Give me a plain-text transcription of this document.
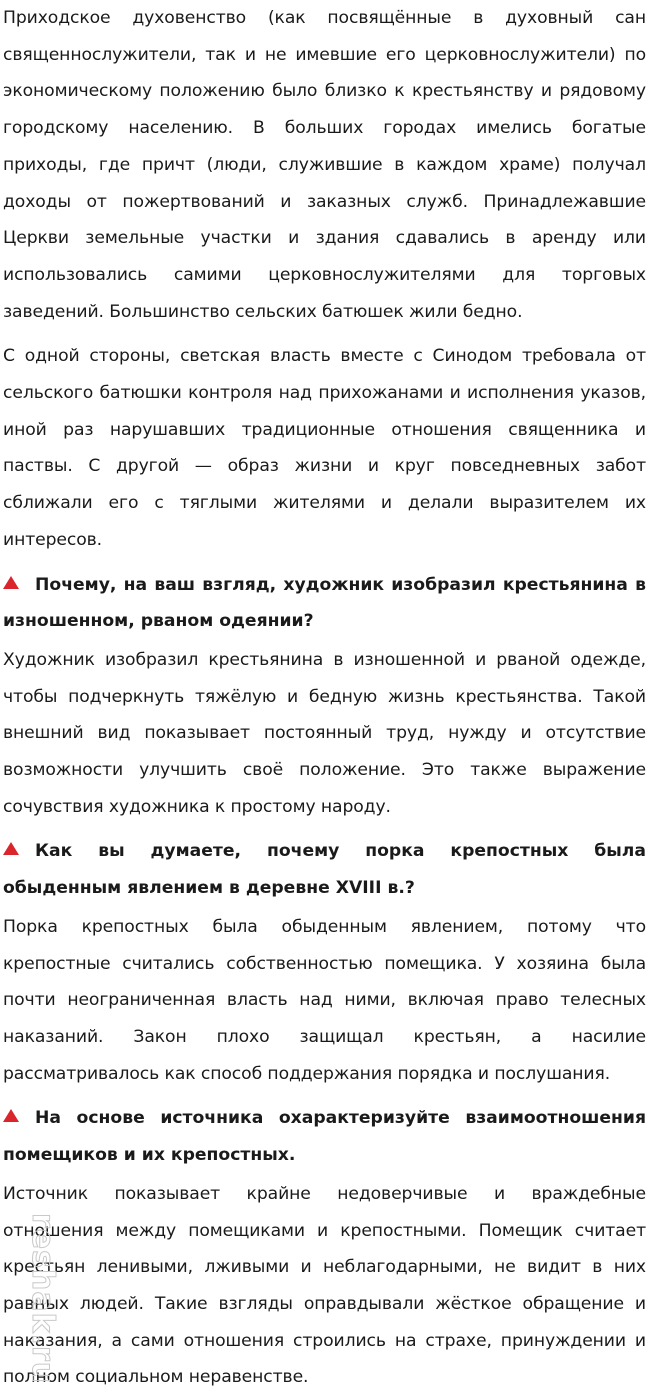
Приходское духовенство (как посвящённые в духовный сан священнослужители, так и не имевшие его церковнослужители) по экономическому положению было близко к крестьянству и рядовому городскому населению. В больших городах имелись богатые приходы, где причт (люди, служившие в каждом храме) получал доходы от пожертвований и заказных служб. Принадлежавшие Церкви земельные участки и здания сдавались в аренду или использовались самими церковнослужителями для торговых заведений. Большинство сельских батюшек жили бедно.

С одной стороны, светская власть вместе с Синодом требовала от сельского батюшки контроля над прихожанами и исполнения указов, иной раз нарушавших традиционные отношения священника и паствы. С другой — образ жизни и круг повседневных забот сближали его с тяглыми жителями и делали выразителем их интересов.

Почему, на ваш взгляд, художник изобразил крестьянина в изношенном, рваном одеянии?

Художник изобразил крестьянина в изношенной и рваной одежде, чтобы подчеркнуть тяжёлую и бедную жизнь крестьянства. Такой внешний вид показывает постоянный труд, нужду и отсутствие возможности улучшить своё положение. Это также выражение сочувствия художника к простому народу.

Как вы думаете, почему порка крепостных была обыденным явлением в деревне XVIII в.?

Порка крепостных была обыденным явлением, потому что крепостные считались собственностью помещика. У хозяина была почти неограниченная власть над ними, включая право телесных наказаний. Закон плохо защищал крестьян, а насилие рассматривалось как способ поддержания порядка и послушания.

На основе источника охарактеризуйте взаимоотношения помещиков и их крепостных.

Источник показывает крайне недоверчивые и враждебные отношения между помещиками и крепостными. Помещик считает крестьян ленивыми, лживыми и неблагодарными, не видит в них равных людей. Такие взгляды оправдывали жёсткое обращение и наказания, а сами отношения строились на страхе, принуждении и полном социальном неравенстве.

reshak.ru
